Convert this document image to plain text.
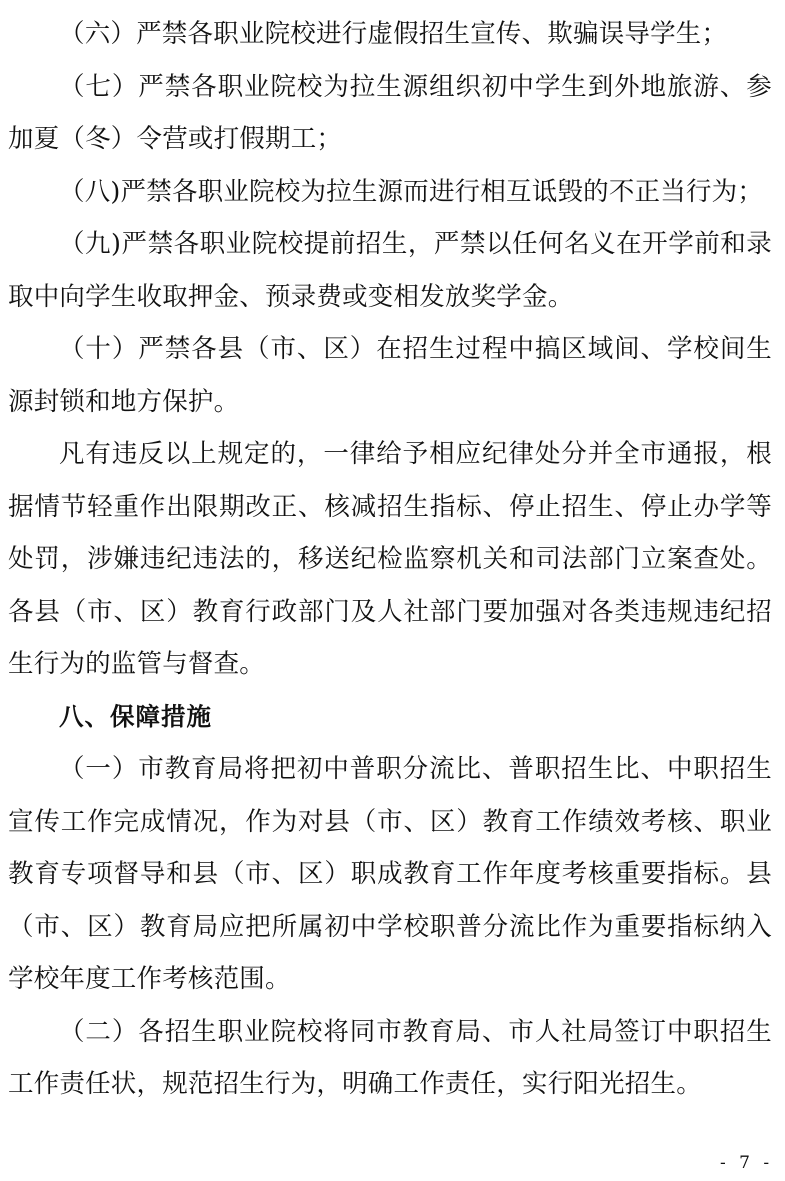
（六）严禁各职业院校进行虚假招生宣传、欺骗误导学生；

（七）严禁各职业院校为拉生源组织初中学生到外地旅游、参加夏（冬）令营或打假期工；

（八)严禁各职业院校为拉生源而进行相互诋毁的不正当行为；

（九)严禁各职业院校提前招生，严禁以任何名义在开学前和录取中向学生收取押金、预录费或变相发放奖学金。

（十）严禁各县（市、区）在招生过程中搞区域间、学校间生源封锁和地方保护。

凡有违反以上规定的，一律给予相应纪律处分并全市通报，根据情节轻重作出限期改正、核减招生指标、停止招生、停止办学等处罚，涉嫌违纪违法的，移送纪检监察机关和司法部门立案查处。各县（市、区）教育行政部门及人社部门要加强对各类违规违纪招生行为的监管与督查。

八、保障措施

（一）市教育局将把初中普职分流比、普职招生比、中职招生宣传工作完成情况，作为对县（市、区）教育工作绩效考核、职业教育专项督导和县（市、区）职成教育工作年度考核重要指标。县（市、区）教育局应把所属初中学校职普分流比作为重要指标纳入学校年度工作考核范围。

（二）各招生职业院校将同市教育局、市人社局签订中职招生工作责任状，规范招生行为，明确工作责任，实行阳光招生。

- 7 -
